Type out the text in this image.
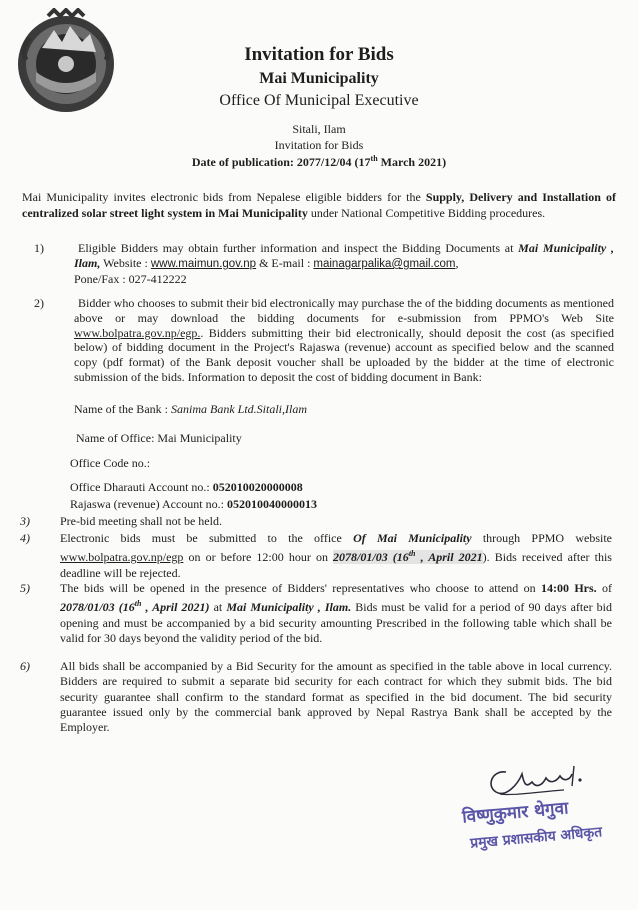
Invitation for Bids
Mai Municipality
Office Of Municipal Executive
Sitali, Ilam
Invitation for Bids
Date of publication: 2077/12/04 (17th March 2021)
Mai Municipality invites electronic bids from Nepalese eligible bidders for the Supply, Delivery and Installation of centralized solar street light system in Mai Municipality under National Competitive Bidding procedures.
1)	Eligible Bidders may obtain further information and inspect the Bidding Documents at Mai Municipality , Ilam, Website : www.maimun.gov.np & E-mail : mainagarpalika@gmail.com,
Pone/Fax : 027-412222
2)	Bidder who chooses to submit their bid electronically may purchase the of the bidding documents as mentioned above or may download the bidding documents for e-submission from PPMO's Web Site www.bolpatra.gov.np/egp.. Bidders submitting their bid electronically, should deposit the cost (as specified below) of bidding document in the Project's Rajaswa (revenue) account as specified below and the scanned copy (pdf format) of the Bank deposit voucher shall be uploaded by the bidder at the time of electronic submission of the bids. Information to deposit the cost of bidding document in Bank:
Name of the Bank : Sanima Bank Ltd.Sitali,Ilam
Name of Office: Mai Municipality
Office Code no.:
Office Dharauti Account no.: 052010020000008
Rajaswa (revenue) Account no.: 052010040000013
3)	Pre-bid meeting shall not be held.
4)	Electronic bids must be submitted to the office Of Mai Municipality through PPMO website www.bolpatra.gov.np/egp on or before 12:00 hour on 2078/01/03 (16th , April 2021). Bids received after this deadline will be rejected.
5)	The bids will be opened in the presence of Bidders' representatives who choose to attend on 14:00 Hrs. of 2078/01/03 (16th , April 2021) at Mai Municipality , Ilam. Bids must be valid for a period of 90 days after bid opening and must be accompanied by a bid security amounting Prescribed in the following table which shall be valid for 30 days beyond the validity period of the bid.
6)	All bids shall be accompanied by a Bid Security for the amount as specified in the table above in local currency. Bidders are required to submit a separate bid security for each contract for which they submit bids. The bid security guarantee shall confirm to the standard format as specified in the bid document. The bid security guarantee issued only by the commercial bank approved by Nepal Rastrya Bank shall be accepted by the Employer.
विष्णुकुमार थेगुवा
प्रमुख प्रशासकीय अधिकृत
